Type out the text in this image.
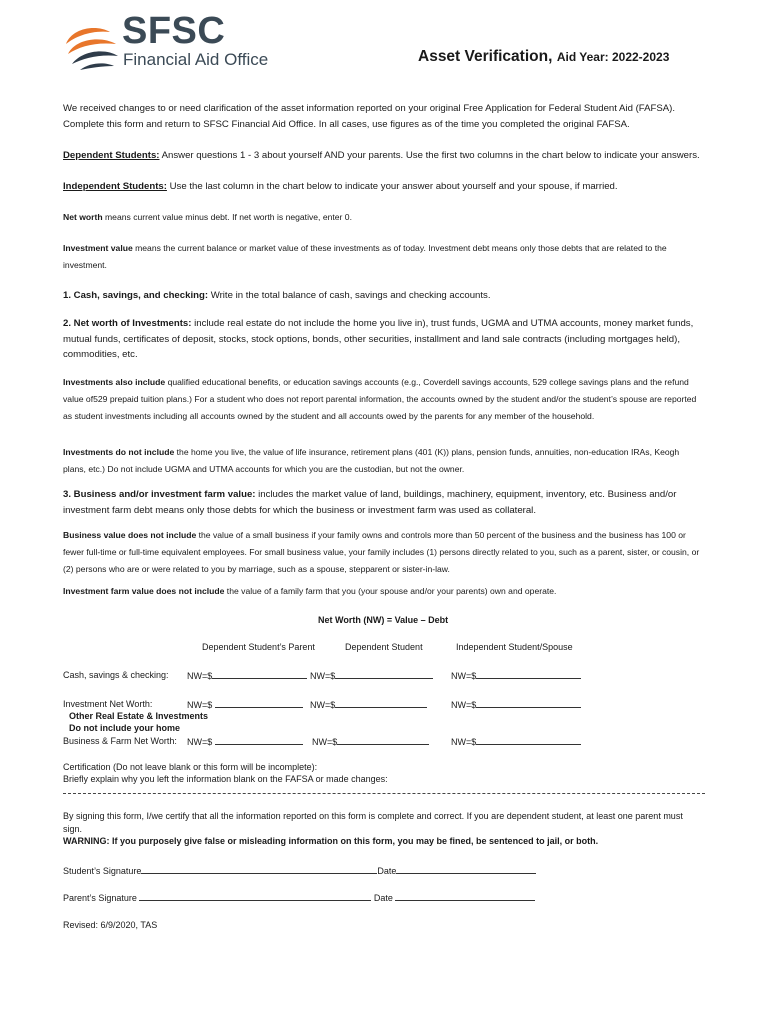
SFSC
Financial Aid Office	Asset Verification, Aid Year: 2022-2023
We received changes to or need clarification of the asset information reported on your original Free Application for Federal Student Aid (FAFSA). Complete this form and return to SFSC Financial Aid Office. In all cases, use figures as of the time you completed the original FAFSA.
Dependent Students: Answer questions 1 - 3 about yourself AND your parents. Use the first two columns in the chart below to indicate your answers.
Independent Students: Use the last column in the chart below to indicate your answer about yourself and your spouse, if married.
Net worth means current value minus debt. If net worth is negative, enter 0.
Investment value means the current balance or market value of these investments as of today. Investment debt means only those debts that are related to the investment.
1. Cash, savings, and checking: Write in the total balance of cash, savings and checking accounts.
2. Net worth of Investments: include real estate do not include the home you live in), trust funds, UGMA and UTMA accounts, money market funds, mutual funds, certificates of deposit, stocks, stock options, bonds, other securities, installment and land sale contracts (including mortgages held), commodities, etc.
Investments also include qualified educational benefits, or education savings accounts (e.g., Coverdell savings accounts, 529 college savings plans and the refund value of529 prepaid tuition plans.) For a student who does not report parental information, the accounts owned by the student and/or the student’s spouse are reported as student investments including all accounts owned by the student and all accounts owed by the parents for any member of the household.
Investments do not include the home you live, the value of life insurance, retirement plans (401 (K)) plans, pension funds, annuities, non-education IRAs, Keogh plans, etc.) Do not include UGMA and UTMA accounts for which you are the custodian, but not the owner.
3. Business and/or investment farm value: includes the market value of land, buildings, machinery, equipment, inventory, etc. Business and/or investment farm debt means only those debts for which the business or investment farm was used as collateral.
Business value does not include the value of a small business if your family owns and controls more than 50 percent of the business and the business has 100 or fewer full-time or full-time equivalent employees. For small business value, your family includes (1) persons directly related to you, such as a parent, sister, or cousin, or (2) persons who are or were related to you by marriage, such as a spouse, stepparent or sister-in-law.
Investment farm value does not include the value of a family farm that you (your spouse and/or your parents) own and operate.
Net Worth (NW) = Value – Debt
Dependent Student’s Parent	Dependent Student	Independent Student/Spouse
Cash, savings & checking: NW=$	NW=$	NW=$
Investment Net Worth:	NW=$	NW=$	NW=$
Other Real Estate & Investments
Do not include your home
Business & Farm Net Worth: NW=$	NW=$	NW=$
Certification (Do not leave blank or this form will be incomplete):
Briefly explain why you left the information blank on the FAFSA or made changes:
By signing this form, I/we certify that all the information reported on this form is complete and correct. If you are dependent student, at least one parent must sign.
WARNING: If you purposely give false or misleading information on this form, you may be fined, be sentenced to jail, or both.
Student’s Signature	Date
Parent’s Signature	Date
Revised: 6/9/2020, TAS
